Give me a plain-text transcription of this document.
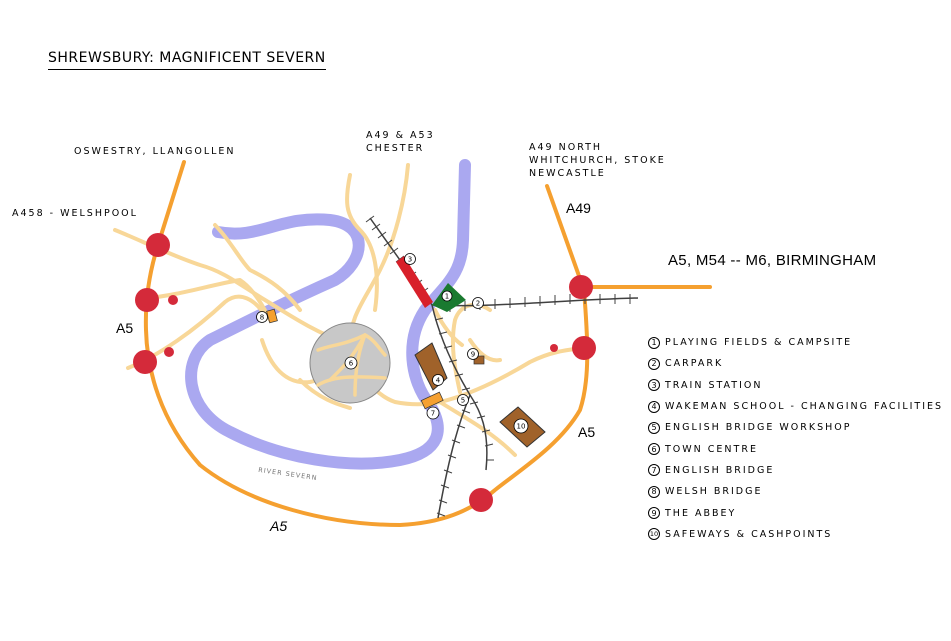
1
2
3
4
5
6
7
8
9
10
SHREWSBURY: MAGNIFICENT SEVERN
OSWESTRY, LLANGOLLEN
A458 - WELSHPOOL
A49 & A53
CHESTER	A49 NORTH
WHITCHURCH, STOKE
NEWCASTLE
A49
A5, M54 -- M6, BIRMINGHAM
A5
A5
A5
RIVER SEVERN
1 PLAYING FIELDS & CAMPSITE
2 CARPARK
3 TRAIN STATION
4 WAKEMAN SCHOOL - CHANGING FACILITIES
5 ENGLISH BRIDGE WORKSHOP
6 TOWN CENTRE
7 ENGLISH BRIDGE
8 WELSH BRIDGE
9 THE ABBEY
10 SAFEWAYS & CASHPOINTS
